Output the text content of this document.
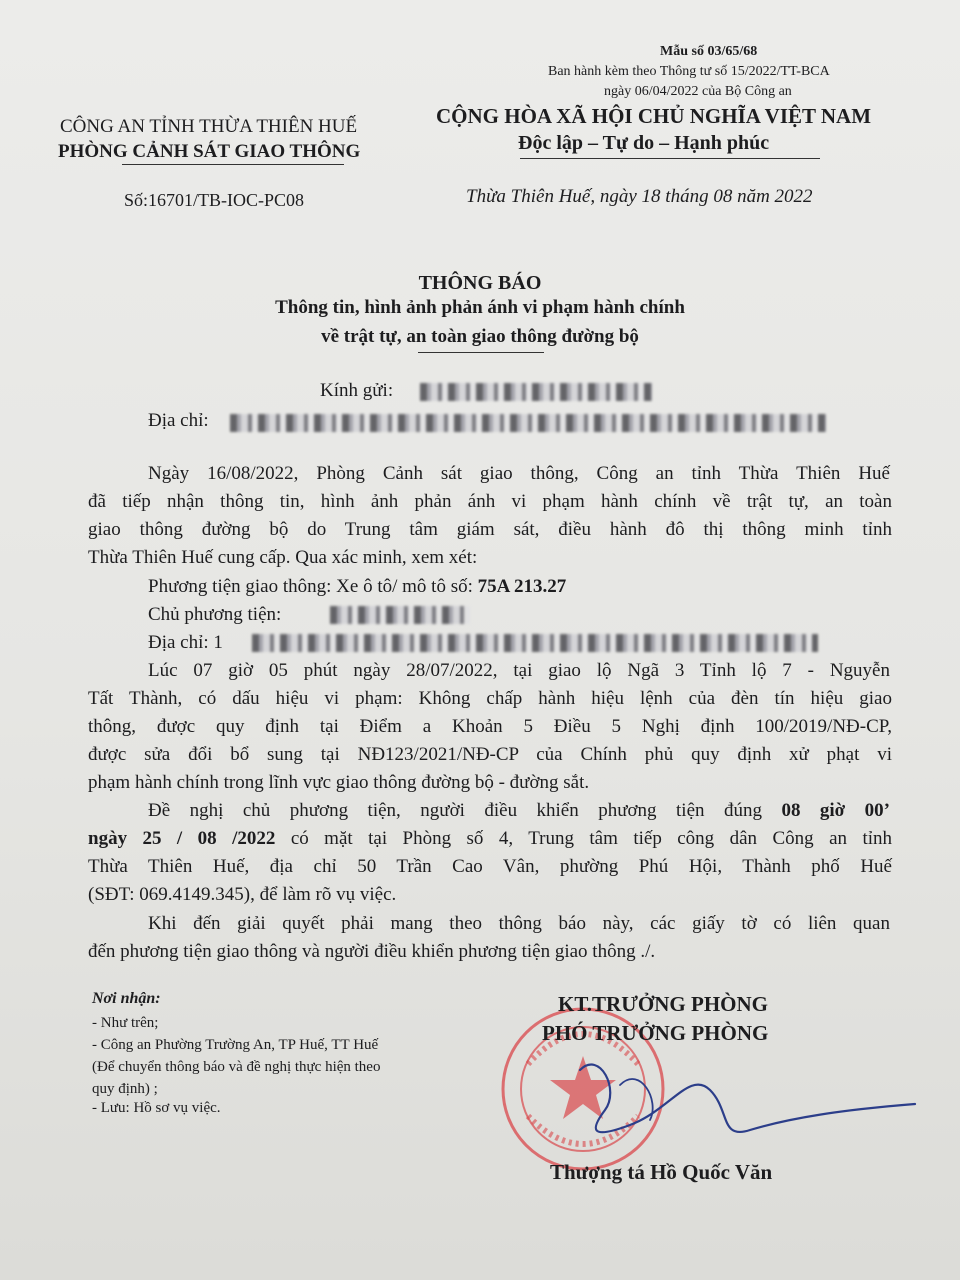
Mẫu số 03/65/68
Ban hành kèm theo Thông tư số 15/2022/TT-BCA
ngày 06/04/2022 của Bộ Công an
CÔNG AN TỈNH THỪA THIÊN HUẾ
PHÒNG CẢNH SÁT GIAO THÔNG
CỘNG HÒA XÃ HỘI CHỦ NGHĨA VIỆT NAM
Độc lập – Tự do – Hạnh phúc
Số:16701/TB-IOC-PC08	Thừa Thiên Huế, ngày 18 tháng 08 năm 2022
THÔNG BÁO
Thông tin, hình ảnh phản ánh vi phạm hành chính
về trật tự, an toàn giao thông đường bộ
Kính gửi:
Địa chỉ:
Ngày 16/08/2022, Phòng Cảnh sát giao thông, Công an tỉnh Thừa Thiên Huế
đã tiếp nhận thông tin, hình ảnh phản ánh vi phạm hành chính về trật tự, an toàn
giao thông đường bộ do Trung tâm giám sát, điều hành đô thị thông minh tỉnh
Thừa Thiên Huế cung cấp. Qua xác minh, xem xét:
Phương tiện giao thông: Xe ô tô/ mô tô số: 75A 213.27
Chủ phương tiện:
Địa chỉ: 1
Lúc 07 giờ 05 phút ngày 28/07/2022, tại giao lộ Ngã 3 Tỉnh lộ 7 - Nguyễn
Tất Thành, có dấu hiệu vi phạm: Không chấp hành hiệu lệnh của đèn tín hiệu giao
thông, được quy định tại Điểm a Khoản 5 Điều 5 Nghị định 100/2019/NĐ-CP,
được sửa đổi bổ sung tại NĐ123/2021/NĐ-CP của Chính phủ quy định xử phạt vi
phạm hành chính trong lĩnh vực giao thông đường bộ - đường sắt.
Đề nghị chủ phương tiện, người điều khiển phương tiện đúng 08 giờ 00’
ngày 25 / 08 /2022 có mặt tại Phòng số 4, Trung tâm tiếp công dân Công an tỉnh
Thừa Thiên Huế, địa chỉ 50 Trần Cao Vân, phường Phú Hội, Thành phố Huế
(SĐT: 069.4149.345), để làm rõ vụ việc.
Khi đến giải quyết phải mang theo thông báo này, các giấy tờ có liên quan
đến phương tiện giao thông và người điều khiển phương tiện giao thông ./.
Nơi nhận:
- Như trên;
- Công an Phường Trường An, TP Huế, TT Huế
(Để chuyển thông báo và đề nghị thực hiện theo
quy định) ;
- Lưu: Hồ sơ vụ việc.
KT.TRƯỞNG PHÒNG
PHÓ TRƯỞNG PHÒNG
Thượng tá Hồ Quốc Văn
